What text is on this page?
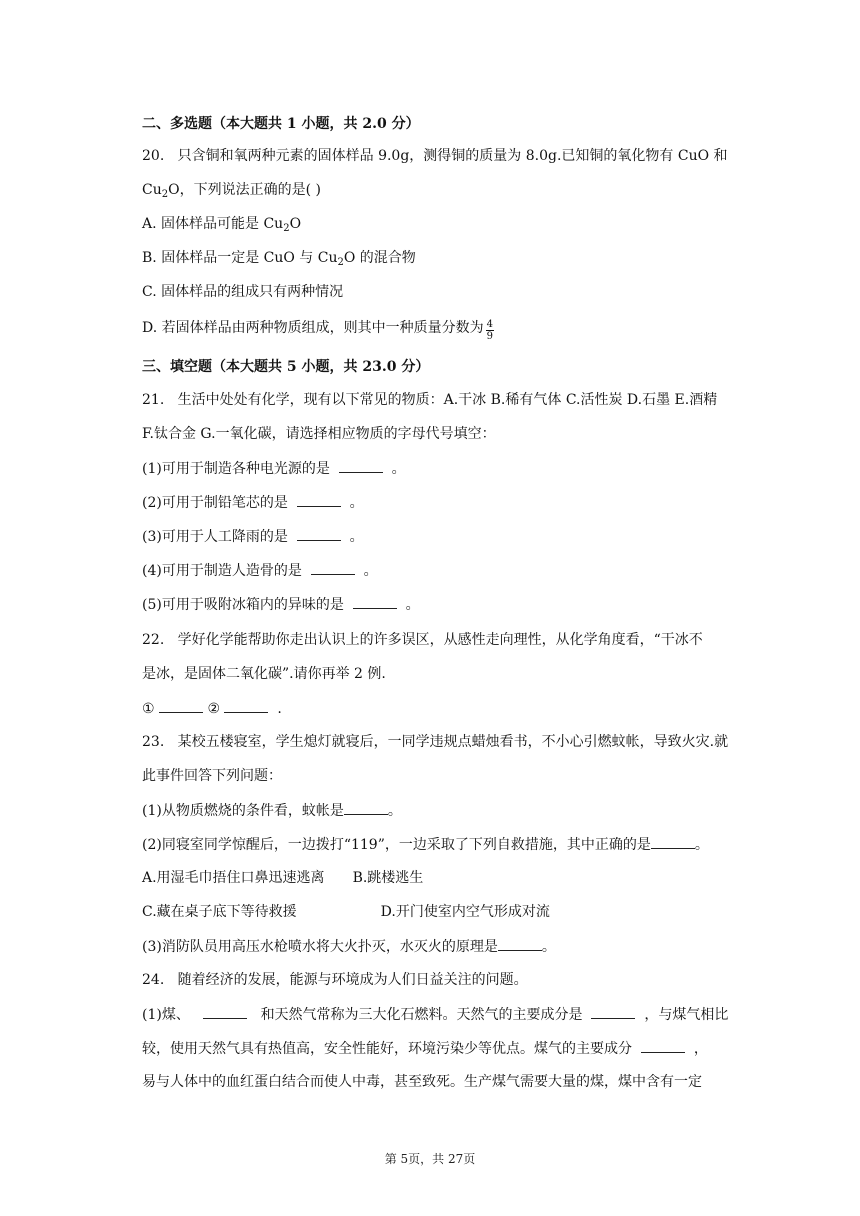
二、多选题（本大题共 1 小题，共 2.0 分）
20. 只含铜和氧两种元素的固体样品 9.0g，测得铜的质量为 8.0g.已知铜的氧化物有 CuO 和
$Cu_2O$，下列说法正确的是( )
A. 固体样品可能是 $Cu_2O$
B. 固体样品一定是 CuO 与 $Cu_2O$ 的混合物
C. 固体样品的组成只有两种情况
D. 若固体样品由两种物质组成，则其中一种质量分数为 $\frac{4}{9}$
三、填空题（本大题共 5 小题，共 23.0 分）
21. 生活中处处有化学，现有以下常见的物质：A.干冰 B.稀有气体 C.活性炭 D.石墨 E.酒精
F.钛合金 G.一氧化碳，请选择相应物质的字母代号填空：
(1)可用于制造各种电光源的是	。
(2)可用于制铅笔芯的是	。
(3)可用于人工降雨的是	。
(4)可用于制造人造骨的是	。
(5)可用于吸附冰箱内的异味的是	。
22. 学好化学能帮助你走出认识上的许多误区，从感性走向理性，从化学角度看，“干冰不
是冰，是固体二氧化碳”.请你再举 2 例.
①	②	.
23. 某校五楼寝室，学生熄灯就寝后，一同学违规点蜡烛看书，不小心引燃蚊帐，导致火灾.就
此事件回答下列问题：
(1)从物质燃烧的条件看，蚊帐是	。
(2)同寝室同学惊醒后，一边拨打“119”，一边采取了下列自救措施，其中正确的是	。
A.用湿毛巾捂住口鼻迅速逃离 B.跳楼逃生
C.藏在桌子底下等待救援	D.开门使室内空气形成对流
(3)消防队员用高压水枪喷水将大火扑灭，水灭火的原理是	。
24. 随着经济的发展，能源与环境成为人们日益关注的问题。
(1)煤、	和天然气常称为三大化石燃料。天然气的主要成分是	，与煤气相比
较，使用天然气具有热值高，安全性能好，环境污染少等优点。煤气的主要成分	，
易与人体中的血红蛋白结合而使人中毒，甚至致死。生产煤气需要大量的煤，煤中含有一定
第 5页，共 27页
